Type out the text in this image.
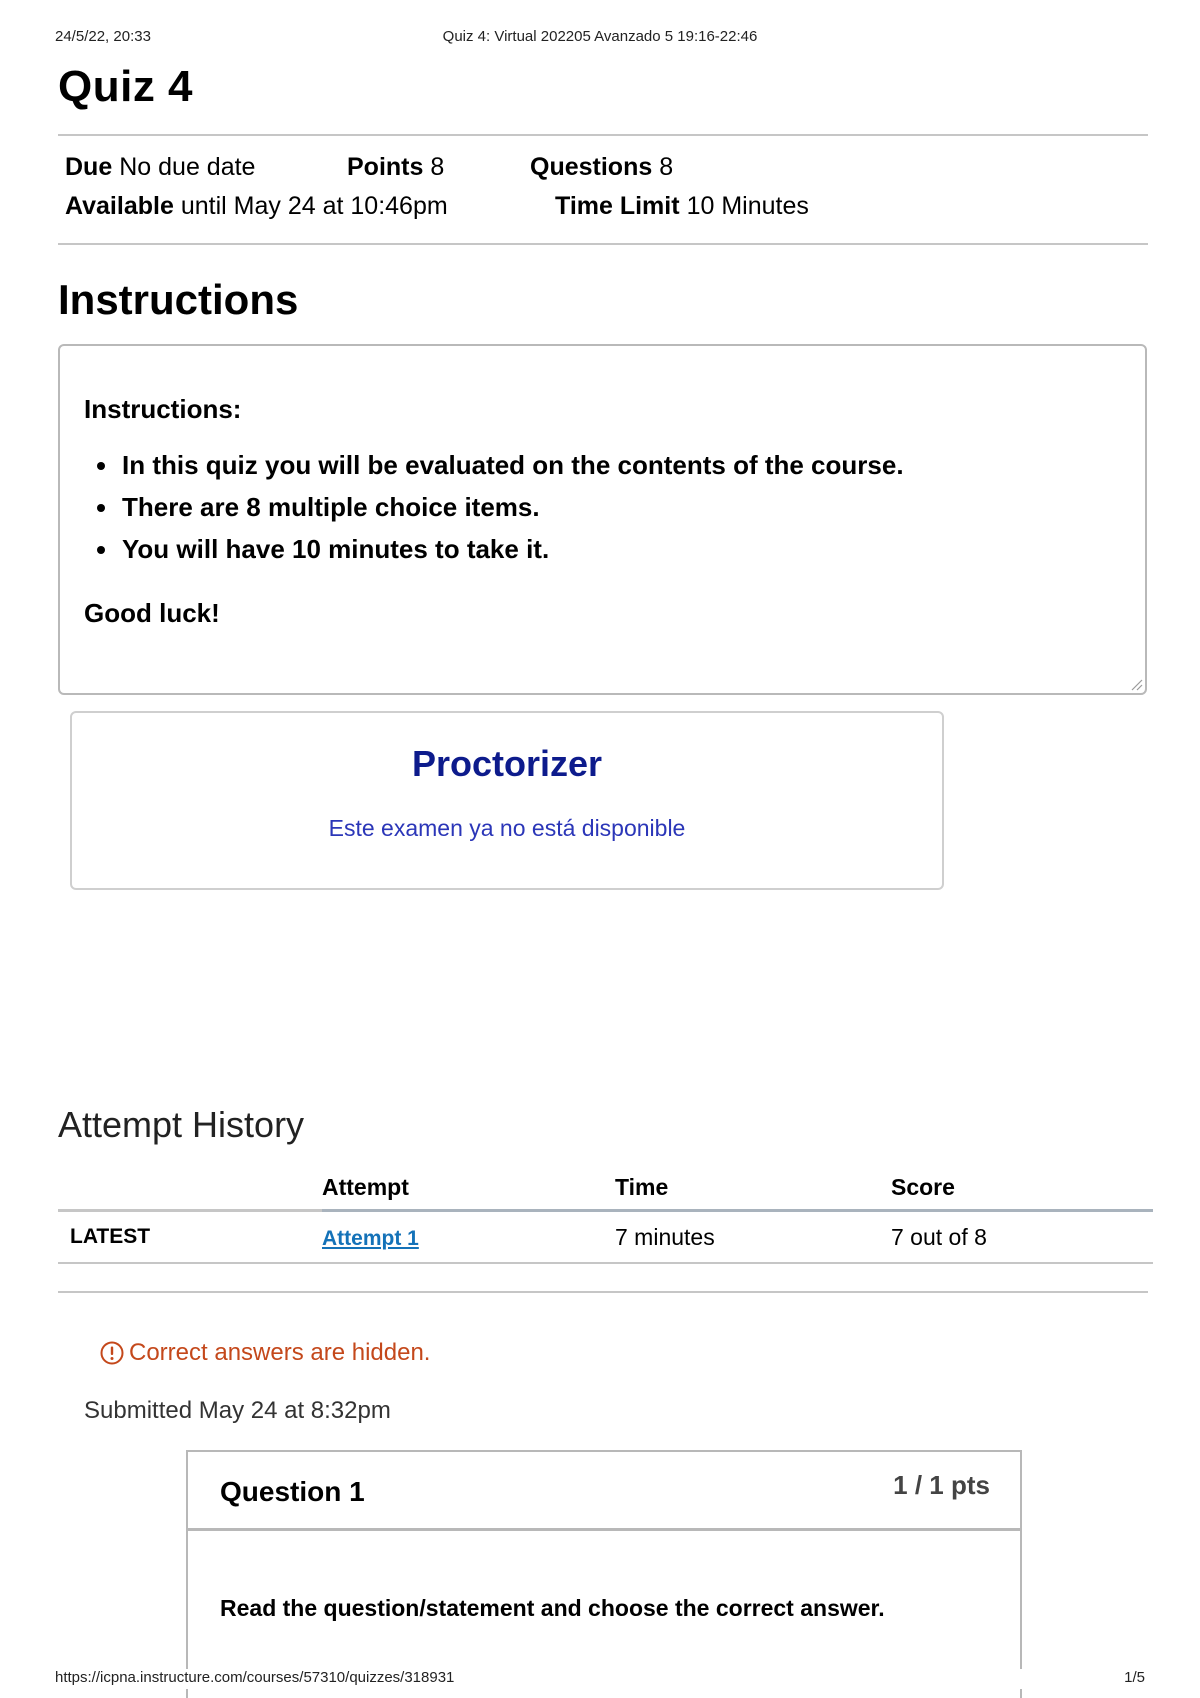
24/5/22, 20:33	Quiz 4: Virtual 202205 Avanzado 5 19:16-22:46
Quiz 4
Due No due date	Points 8	Questions 8
Available until May 24 at 10:46pm	Time Limit 10 Minutes
Instructions

Instructions:

• In this quiz you will be evaluated on the contents of the course.
• There are 8 multiple choice items.
• You will have 10 minutes to take it.

Good luck!

Proctorizer
Este examen ya no está disponible
Attempt History
	Attempt	Time	Score
LATEST	Attempt 1	7 minutes	7 out of 8
Correct answers are hidden.
Submitted May 24 at 8:32pm
Question 1	1 / 1 pts

Read the question/statement and choose the correct answer.

https://icpna.instructure.com/courses/57310/quizzes/318931	1/5
